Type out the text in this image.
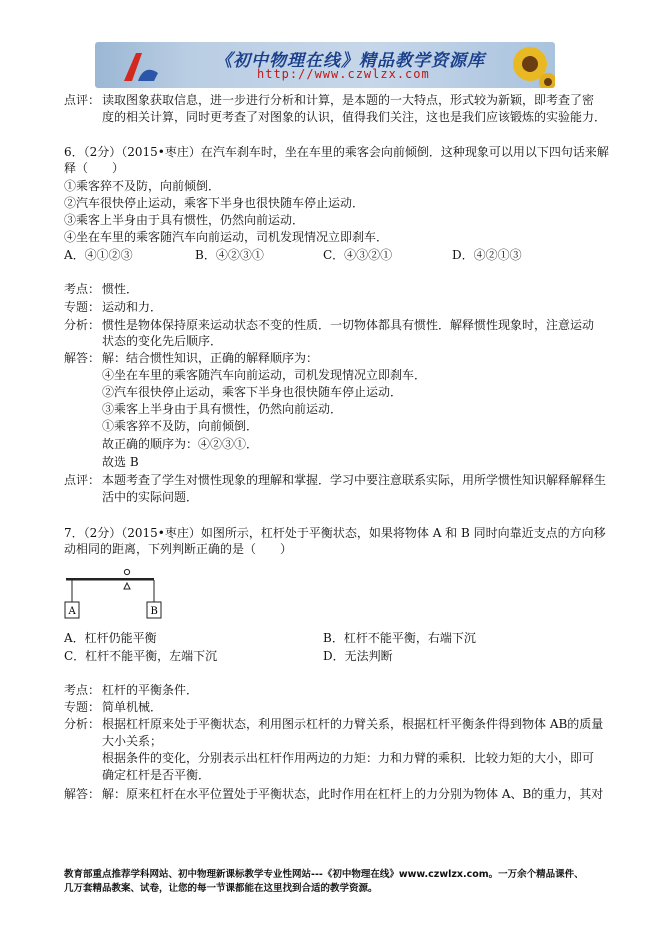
《初中物理在线》精品教学资源库
http://www.czwlzx.com
点评： 读取图象获取信息，进一步进行分析和计算，是本题的一大特点，形式较为新颖，即考查了密
度的相关计算，同时更考查了对图象的认识，值得我们关注，这也是我们应该锻炼的实验能力．
6．（2分）（2015•枣庄）在汽车刹车时，坐在车里的乘客会向前倾倒．这种现象可以用以下四句话来解
释（　　）
①乘客猝不及防，向前倾倒．
②汽车很快停止运动，乘客下半身也很快随车停止运动．
③乘客上半身由于具有惯性，仍然向前运动．
④坐在车里的乘客随汽车向前运动，司机发现情况立即刹车．
A．④①②③	B．④②③①	C．④③②①	D．④②①③
考点： 惯性．
专题： 运动和力．
分析： 惯性是物体保持原来运动状态不变的性质．一切物体都具有惯性．解释惯性现象时，注意运动
状态的变化先后顺序．
解答： 解：结合惯性知识，正确的解释顺序为：
④坐在车里的乘客随汽车向前运动，司机发现情况立即刹车．
②汽车很快停止运动，乘客下半身也很快随车停止运动．
③乘客上半身由于具有惯性，仍然向前运动．
①乘客猝不及防，向前倾倒．
故正确的顺序为：④②③①．
故选 B
点评： 本题考查了学生对惯性现象的理解和掌握．学习中要注意联系实际，用所学惯性知识解释解释生
活中的实际问题．
7．（2分）（2015•枣庄）如图所示，杠杆处于平衡状态，如果将物体 A 和 B 同时向靠近支点的方向移
动相同的距离，下列判断正确的是（　　）
A	B
A．杠杆仍能平衡	B．杠杆不能平衡，右端下沉
C．杠杆不能平衡，左端下沉	D．无法判断
考点： 杠杆的平衡条件．
专题： 简单机械．
分析： 根据杠杆原来处于平衡状态，利用图示杠杆的力臂关系，根据杠杆平衡条件得到物体 AB的质量
大小关系；
根据条件的变化，分别表示出杠杆作用两边的力矩：力和力臂的乘积．比较力矩的大小，即可
确定杠杆是否平衡．
解答： 解：原来杠杆在水平位置处于平衡状态，此时作用在杠杆上的力分别为物体 A、B的重力，其对
教育部重点推荐学科网站、初中物理新课标教学专业性网站---《初中物理在线》www.czwlzx.com。一万余个精品课件、
几万套精品教案、试卷，让您的每一节课都能在这里找到合适的教学资源。
